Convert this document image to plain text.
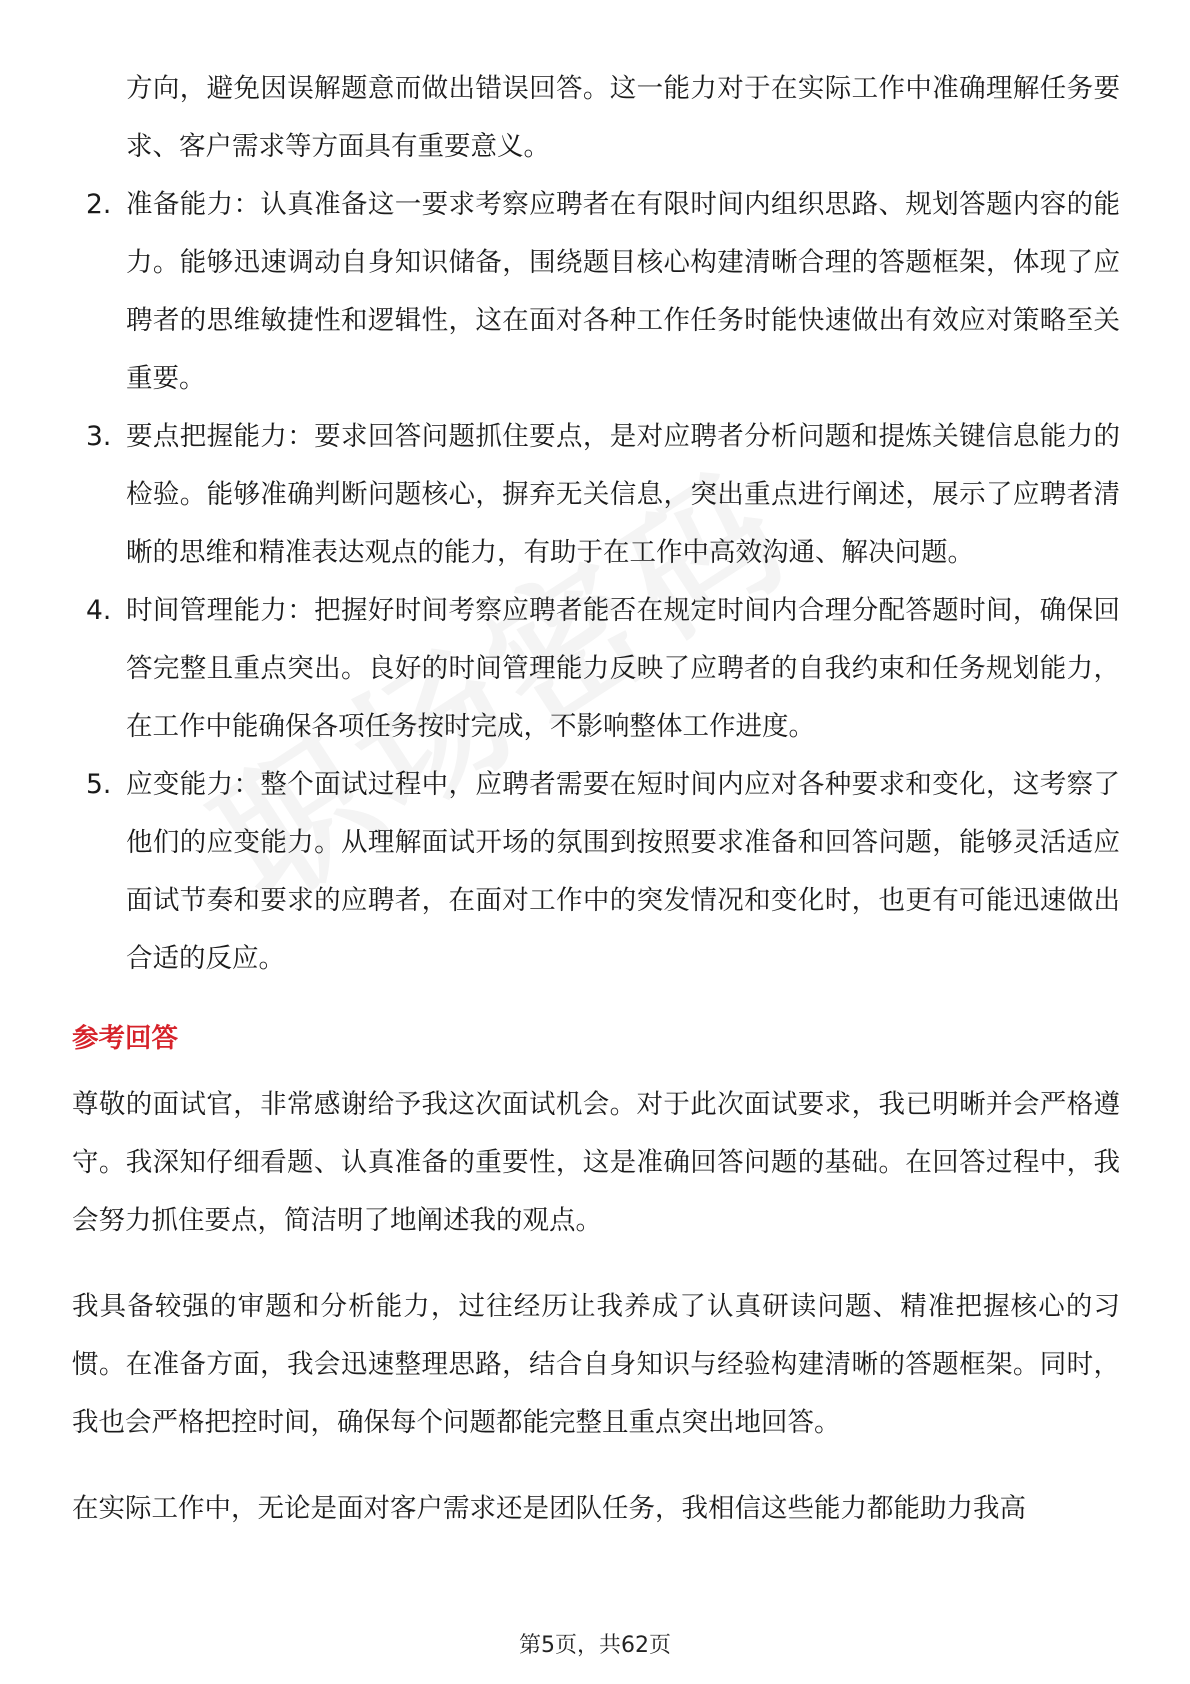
方向，避免因误解题意而做出错误回答。这一能力对于在实际工作中准确理解任务要求、客户需求等方面具有重要意义。
2. 准备能力：认真准备这一要求考察应聘者在有限时间内组织思路、规划答题内容的能力。能够迅速调动自身知识储备，围绕题目核心构建清晰合理的答题框架，体现了应聘者的思维敏捷性和逻辑性，这在面对各种工作任务时能快速做出有效应对策略至关重要。
3. 要点把握能力：要求回答问题抓住要点，是对应聘者分析问题和提炼关键信息能力的检验。能够准确判断问题核心，摒弃无关信息，突出重点进行阐述，展示了应聘者清晰的思维和精准表达观点的能力，有助于在工作中高效沟通、解决问题。
4. 时间管理能力：把握好时间考察应聘者能否在规定时间内合理分配答题时间，确保回答完整且重点突出。良好的时间管理能力反映了应聘者的自我约束和任务规划能力，在工作中能确保各项任务按时完成，不影响整体工作进度。
5. 应变能力：整个面试过程中，应聘者需要在短时间内应对各种要求和变化，这考察了他们的应变能力。从理解面试开场的氛围到按照要求准备和回答问题，能够灵活适应面试节奏和要求的应聘者，在面对工作中的突发情况和变化时，也更有可能迅速做出合适的反应。
参考回答

尊敬的面试官，非常感谢给予我这次面试机会。对于此次面试要求，我已明晰并会严格遵守。我深知仔细看题、认真准备的重要性，这是准确回答问题的基础。在回答过程中，我会努力抓住要点，简洁明了地阐述我的观点。

我具备较强的审题和分析能力，过往经历让我养成了认真研读问题、精准把握核心的习惯。在准备方面，我会迅速整理思路，结合自身知识与经验构建清晰的答题框架。同时，我也会严格把控时间，确保每个问题都能完整且重点突出地回答。

在实际工作中，无论是面对客户需求还是团队任务，我相信这些能力都能助力我高

第5页，共62页
